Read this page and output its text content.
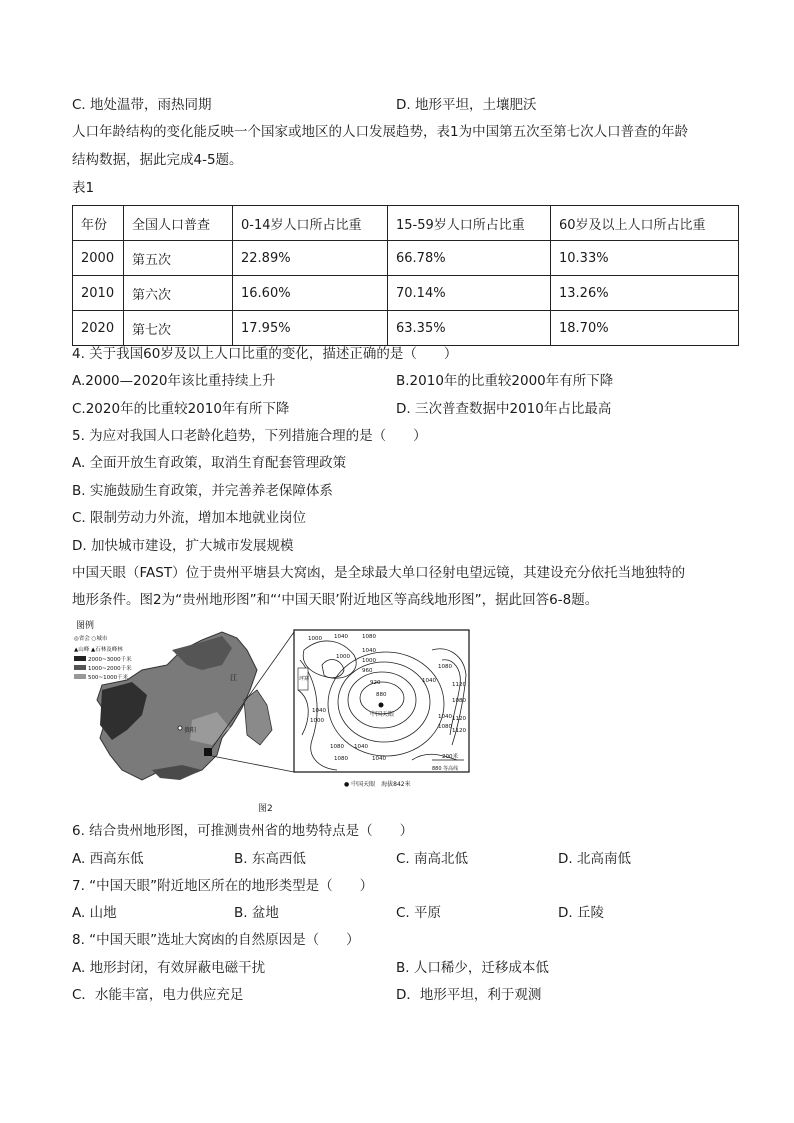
C. 地处温带，雨热同期	D. 地形平坦，土壤肥沃
人口年龄结构的变化能反映一个国家或地区的人口发展趋势，表1为中国第五次至第七次人口普查的年龄
结构数据，据此完成4-5题。
表1
年份	全国人口普查	0-14岁人口所占比重	15-59岁人口所占比重	60岁及以上人口所占比重
2000	第五次	22.89%	66.78%	10.33%
2010	第六次	16.60%	70.14%	13.26%
2020	第七次	17.95%	63.35%	18.70%
4. 关于我国60岁及以上人口比重的变化，描述正确的是（　　）
A.2000—2020年该比重持续上升	B.2010年的比重较2000年有所下降
C.2020年的比重较2010年有所下降	D. 三次普查数据中2010年占比最高
5. 为应对我国人口老龄化趋势，下列措施合理的是（　　）
A. 全面开放生育政策，取消生育配套管理政策
B. 实施鼓励生育政策，并完善养老保障体系
C. 限制劳动力外流，增加本地就业岗位
D. 加快城市建设，扩大城市发展规模
中国天眼（FAST）位于贵州平塘县大窝凼，是全球最大单口径射电望远镜，其建设充分依托当地独特的
地形条件。图2为“贵州地形图”和“‘中国天眼’附近地区等高线地形图”，据此回答6-8题。
图例
◎省会 ○城市
▲山峰 ▲石林及峰林
2000~3000千米
1000~2000千米
500~1000千米	江
贵阳
中国天眼
1000 1040	1080
1000
1040
1000
960
920
880
1040
1080
1120
1040
1000
1040
1080
1080
1120
1120
1080 1040
1080	1040
坪寨
200米
880 等高线
● 中国天眼　海拔842米
图2
6. 结合贵州地形图，可推测贵州省的地势特点是（　　）
A. 西高东低	B. 东高西低	C. 南高北低	D. 北高南低
7. “中国天眼”附近地区所在的地形类型是（　　）
A. 山地	B. 盆地	C. 平原	D. 丘陵
8. “中国天眼”选址大窝凼的自然原因是（　　）
A. 地形封闭，有效屏蔽电磁干扰	B. 人口稀少，迁移成本低
C．水能丰富，电力供应充足	D．地形平坦，利于观测
